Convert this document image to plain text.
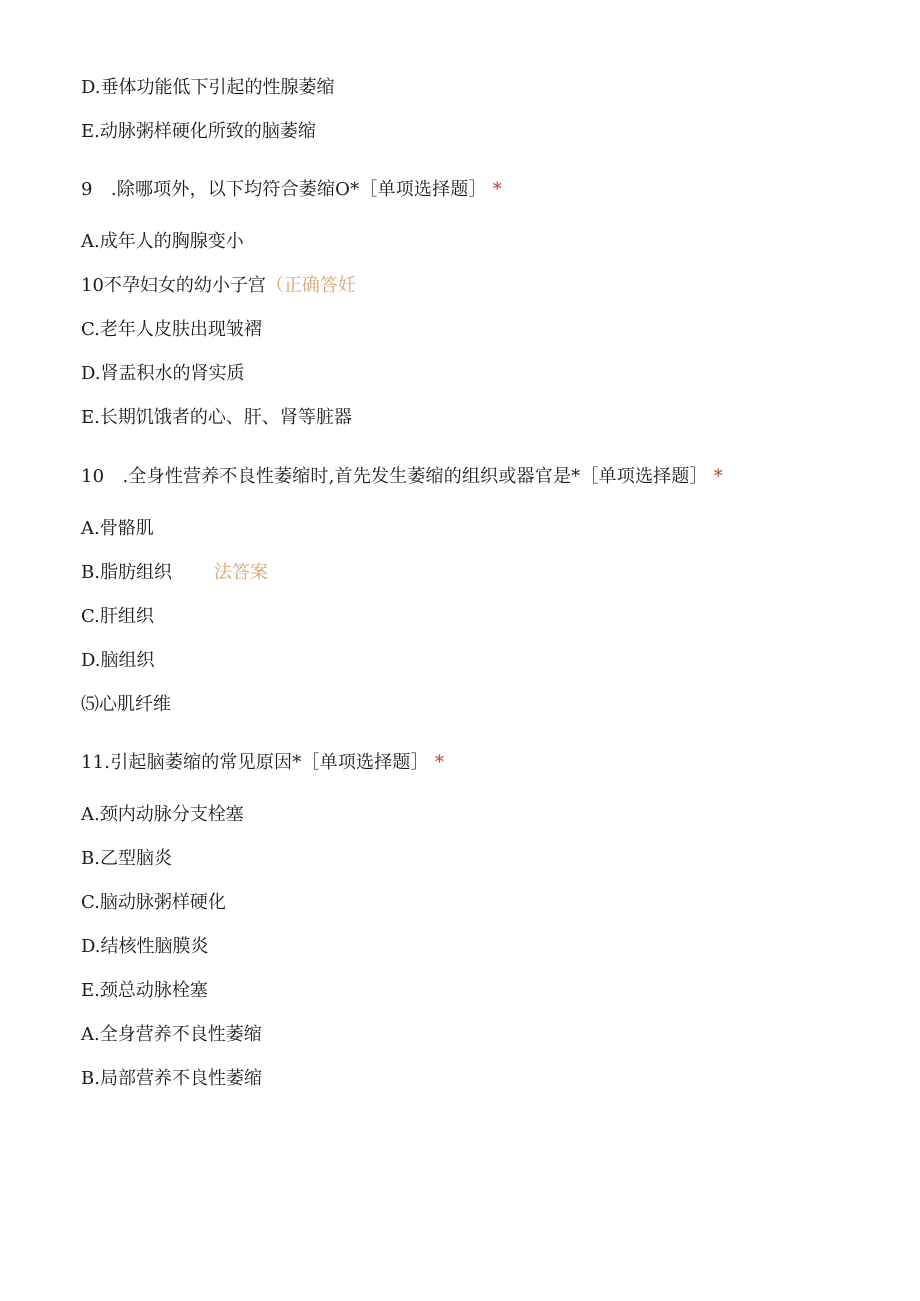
D.垂体功能低下引起的性腺萎缩
E.动脉粥样硬化所致的脑萎缩
9　.除哪项外，以下均符合萎缩O*［单项选择题］ *
A.成年人的胸腺变小
10不孕妇女的幼小子宫（正确答妊
C.老年人皮肤出现皱褶
D.肾盂积水的肾实质
E.长期饥饿者的心、肝、肾等脏器
10　.全身性营养不良性萎缩时,首先发生萎缩的组织或器官是*［单项选择题］ *
A.骨骼肌
B.脂肪组织 法答案
C.肝组织
D.脑组织
⑸心肌纤维
11.引起脑萎缩的常见原因*［单项选择题］ *
A.颈内动脉分支栓塞
B.乙型脑炎
C.脑动脉粥样硬化
D.结核性脑膜炎
E.颈总动脉栓塞
A.全身营养不良性萎缩
B.局部营养不良性萎缩
